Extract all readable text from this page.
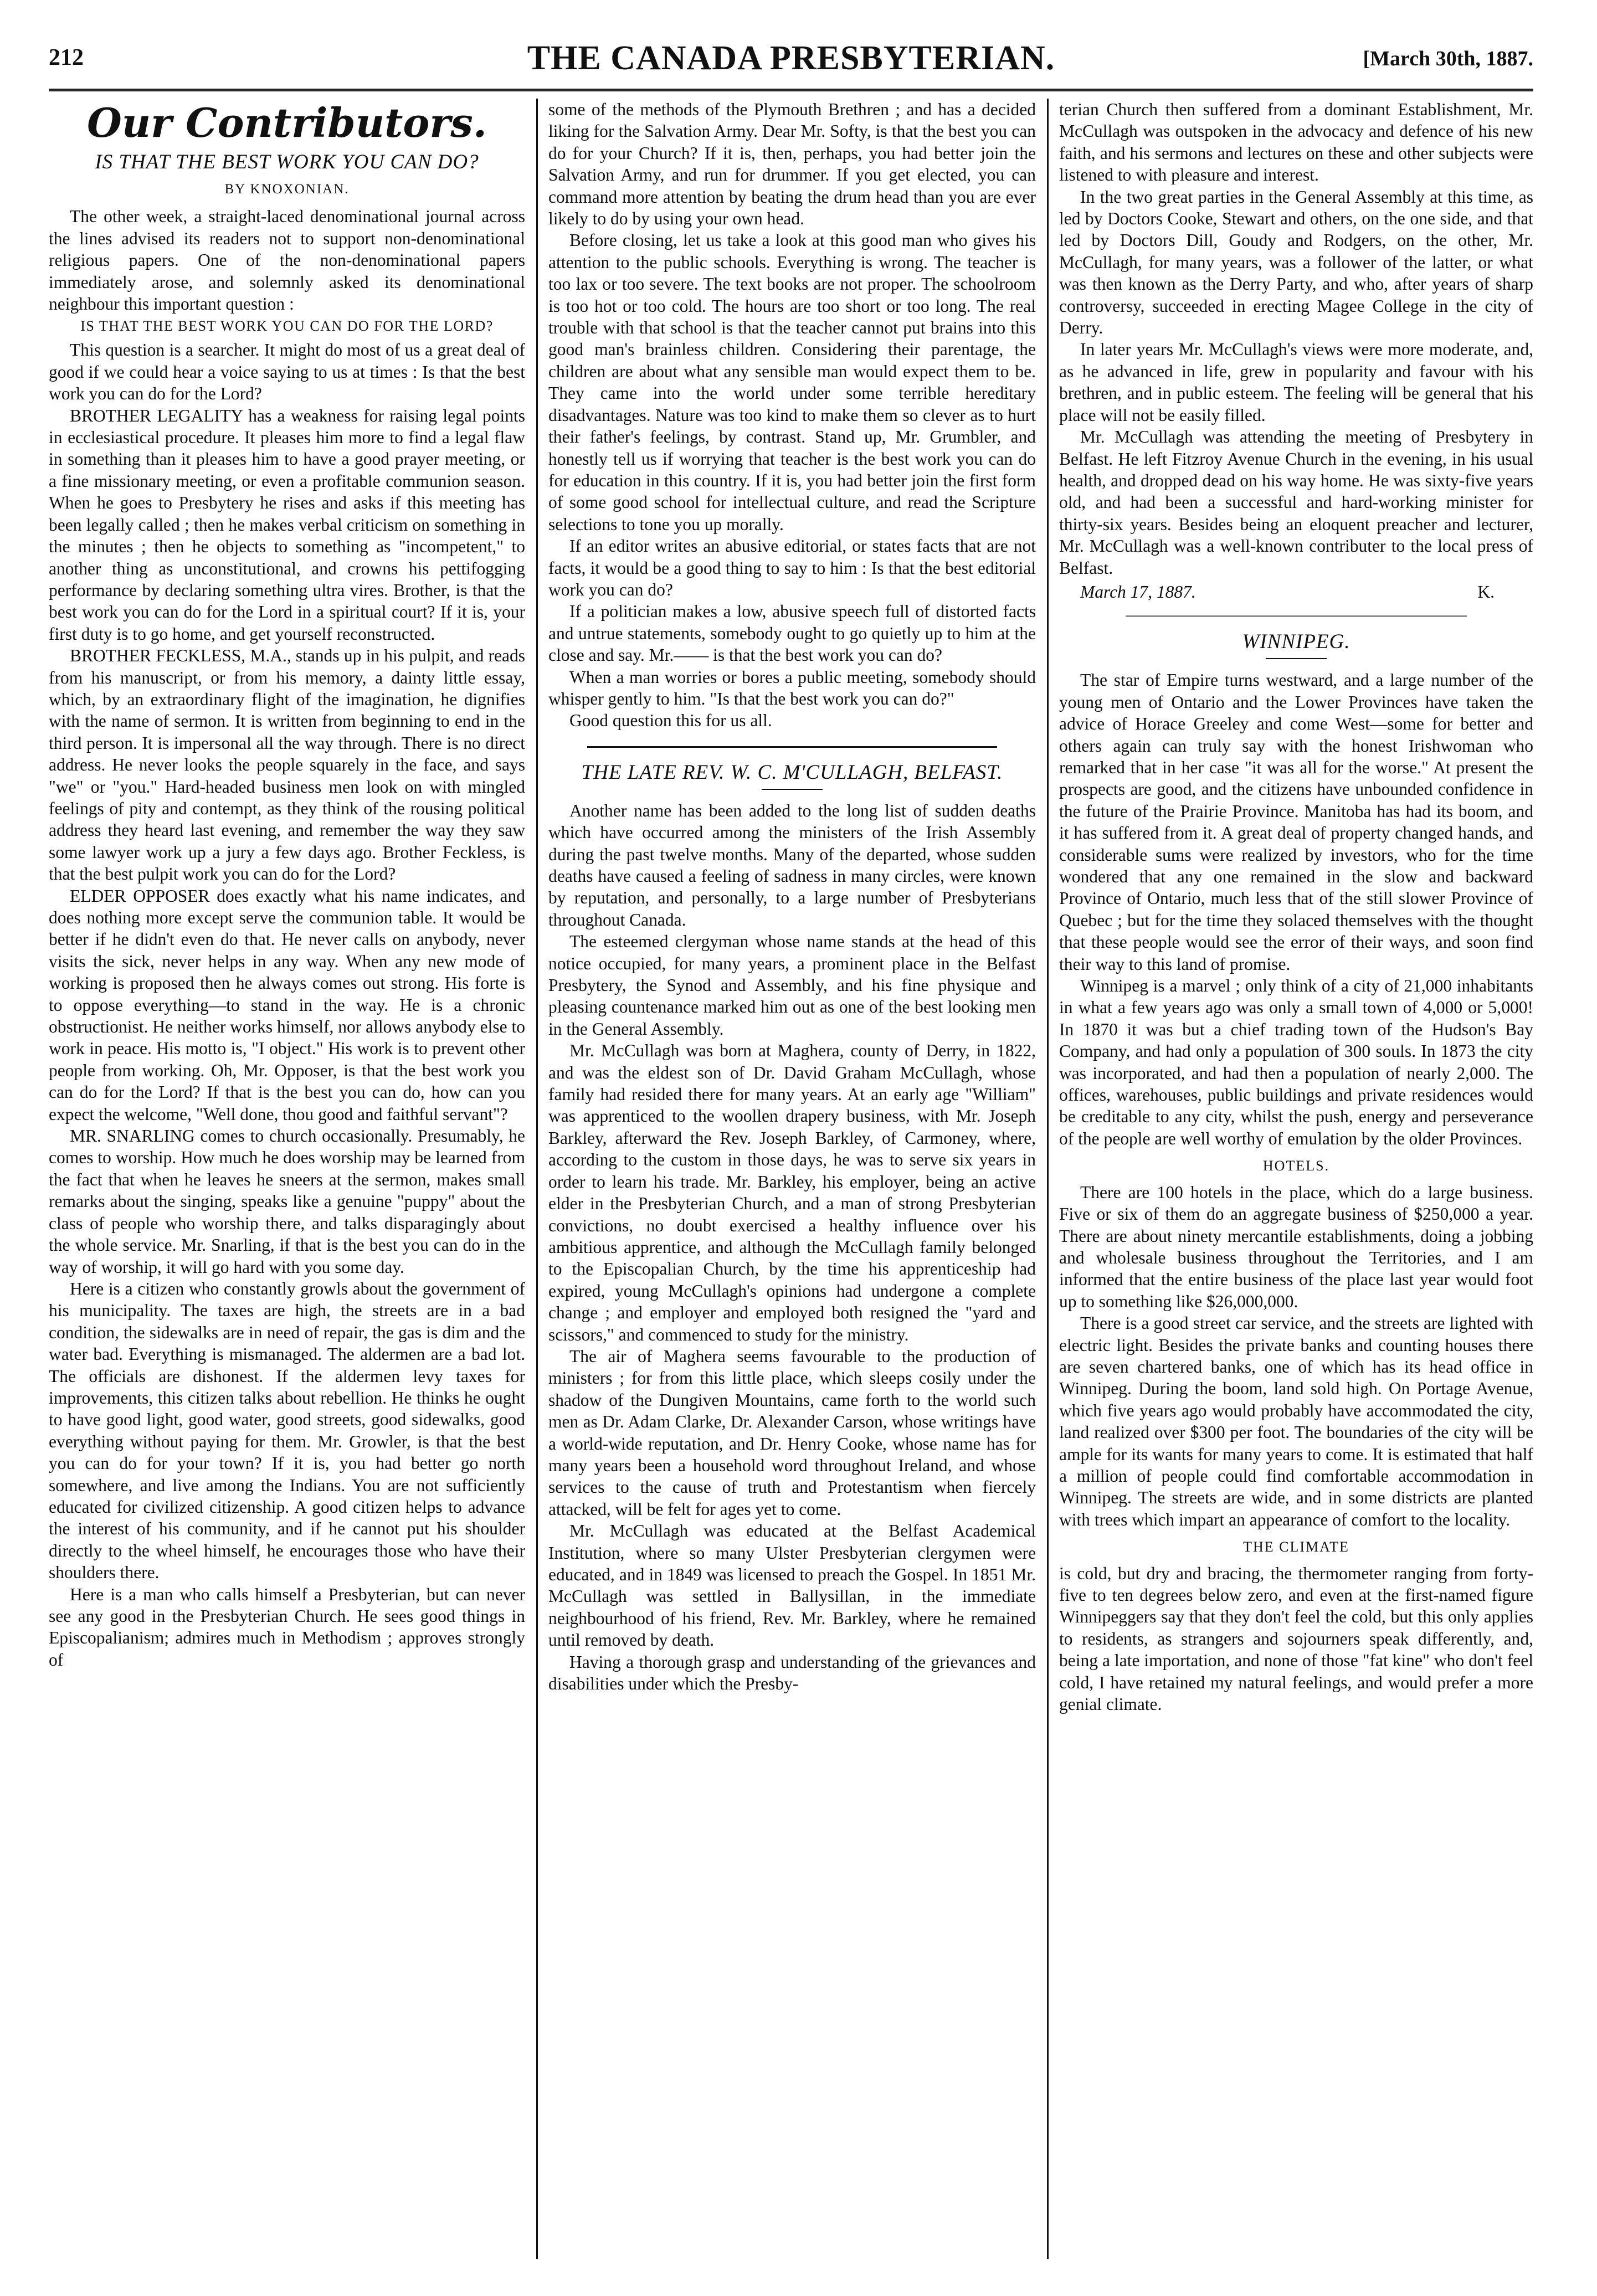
212	THE CANADA PRESBYTERIAN.	[March 30th, 1887.
Our Contributors.
IS THAT THE BEST WORK YOU CAN DO?
BY KNOXONIAN.

The other week, a straight-laced denominational journal across the lines advised its readers not to support non-denominational religious papers. One of the non-denominational papers immediately arose, and solemnly asked its denominational neighbour this important question :

IS THAT THE BEST WORK YOU CAN DO FOR THE LORD?

This question is a searcher. It might do most of us a great deal of good if we could hear a voice saying to us at times : Is that the best work you can do for the Lord?

BROTHER LEGALITY has a weakness for raising legal points in ecclesiastical procedure. It pleases him more to find a legal flaw in something than it pleases him to have a good prayer meeting, or a fine missionary meeting, or even a profitable communion season. When he goes to Presbytery he rises and asks if this meeting has been legally called ; then he makes verbal criticism on something in the minutes ; then he objects to something as "incompetent," to another thing as unconstitutional, and crowns his pettifogging performance by declaring something ultra vires. Brother, is that the best work you can do for the Lord in a spiritual court? If it is, your first duty is to go home, and get yourself reconstructed.

BROTHER FECKLESS, M.A., stands up in his pulpit, and reads from his manuscript, or from his memory, a dainty little essay, which, by an extraordinary flight of the imagination, he dignifies with the name of sermon. It is written from beginning to end in the third person. It is impersonal all the way through. There is no direct address. He never looks the people squarely in the face, and says "we" or "you." Hard-headed business men look on with mingled feelings of pity and contempt, as they think of the rousing political address they heard last evening, and remember the way they saw some lawyer work up a jury a few days ago. Brother Feckless, is that the best pulpit work you can do for the Lord?

ELDER OPPOSER does exactly what his name indicates, and does nothing more except serve the communion table. It would be better if he didn't even do that. He never calls on anybody, never visits the sick, never helps in any way. When any new mode of working is proposed then he always comes out strong. His forte is to oppose everything—to stand in the way. He is a chronic obstructionist. He neither works himself, nor allows anybody else to work in peace. His motto is, "I object." His work is to prevent other people from working. Oh, Mr. Opposer, is that the best work you can do for the Lord? If that is the best you can do, how can you expect the welcome, "Well done, thou good and faithful servant"?

MR. SNARLING comes to church occasionally. Presumably, he comes to worship. How much he does worship may be learned from the fact that when he leaves he sneers at the sermon, makes small remarks about the singing, speaks like a genuine "puppy" about the class of people who worship there, and talks disparagingly about the whole service. Mr. Snarling, if that is the best you can do in the way of worship, it will go hard with you some day.

Here is a citizen who constantly growls about the government of his municipality. The taxes are high, the streets are in a bad condition, the sidewalks are in need of repair, the gas is dim and the water bad. Everything is mismanaged. The aldermen are a bad lot. The officials are dishonest. If the aldermen levy taxes for improvements, this citizen talks about rebellion. He thinks he ought to have good light, good water, good streets, good sidewalks, good everything without paying for them. Mr. Growler, is that the best you can do for your town? If it is, you had better go north somewhere, and live among the Indians. You are not sufficiently educated for civilized citizenship. A good citizen helps to advance the interest of his community, and if he cannot put his shoulder directly to the wheel himself, he encourages those who have their shoulders there.

Here is a man who calls himself a Presbyterian, but can never see any good in the Presbyterian Church. He sees good things in Episcopalianism; admires much in Methodism ; approves strongly of

some of the methods of the Plymouth Brethren ; and has a decided liking for the Salvation Army. Dear Mr. Softy, is that the best you can do for your Church? If it is, then, perhaps, you had better join the Salvation Army, and run for drummer. If you get elected, you can command more attention by beating the drum head than you are ever likely to do by using your own head.

Before closing, let us take a look at this good man who gives his attention to the public schools. Everything is wrong. The teacher is too lax or too severe. The text books are not proper. The schoolroom is too hot or too cold. The hours are too short or too long. The real trouble with that school is that the teacher cannot put brains into this good man's brainless children. Considering their parentage, the children are about what any sensible man would expect them to be. They came into the world under some terrible hereditary disadvantages. Nature was too kind to make them so clever as to hurt their father's feelings, by contrast. Stand up, Mr. Grumbler, and honestly tell us if worrying that teacher is the best work you can do for education in this country. If it is, you had better join the first form of some good school for intellectual culture, and read the Scripture selections to tone you up morally.

If an editor writes an abusive editorial, or states facts that are not facts, it would be a good thing to say to him : Is that the best editorial work you can do?

If a politician makes a low, abusive speech full of distorted facts and untrue statements, somebody ought to go quietly up to him at the close and say. Mr.—— is that the best work you can do?

When a man worries or bores a public meeting, somebody should whisper gently to him. "Is that the best work you can do?"

Good question this for us all.

THE LATE REV. W. C. M'CULLAGH, BELFAST.

Another name has been added to the long list of sudden deaths which have occurred among the ministers of the Irish Assembly during the past twelve months. Many of the departed, whose sudden deaths have caused a feeling of sadness in many circles, were known by reputation, and personally, to a large number of Presbyterians throughout Canada.

The esteemed clergyman whose name stands at the head of this notice occupied, for many years, a prominent place in the Belfast Presbytery, the Synod and Assembly, and his fine physique and pleasing countenance marked him out as one of the best looking men in the General Assembly.

Mr. McCullagh was born at Maghera, county of Derry, in 1822, and was the eldest son of Dr. David Graham McCullagh, whose family had resided there for many years. At an early age "William" was apprenticed to the woollen drapery business, with Mr. Joseph Barkley, afterward the Rev. Joseph Barkley, of Carmoney, where, according to the custom in those days, he was to serve six years in order to learn his trade. Mr. Barkley, his employer, being an active elder in the Presbyterian Church, and a man of strong Presbyterian convictions, no doubt exercised a healthy influence over his ambitious apprentice, and although the McCullagh family belonged to the Episcopalian Church, by the time his apprenticeship had expired, young McCullagh's opinions had undergone a complete change ; and employer and employed both resigned the "yard and scissors," and commenced to study for the ministry.

The air of Maghera seems favourable to the production of ministers ; for from this little place, which sleeps cosily under the shadow of the Dungiven Mountains, came forth to the world such men as Dr. Adam Clarke, Dr. Alexander Carson, whose writings have a world-wide reputation, and Dr. Henry Cooke, whose name has for many years been a household word throughout Ireland, and whose services to the cause of truth and Protestantism when fiercely attacked, will be felt for ages yet to come.

Mr. McCullagh was educated at the Belfast Academical Institution, where so many Ulster Presbyterian clergymen were educated, and in 1849 was licensed to preach the Gospel. In 1851 Mr. McCullagh was settled in Ballysillan, in the immediate neighbourhood of his friend, Rev. Mr. Barkley, where he remained until removed by death.

Having a thorough grasp and understanding of the grievances and disabilities under which the Presby-

terian Church then suffered from a dominant Establishment, Mr. McCullagh was outspoken in the advocacy and defence of his new faith, and his sermons and lectures on these and other subjects were listened to with pleasure and interest.

In the two great parties in the General Assembly at this time, as led by Doctors Cooke, Stewart and others, on the one side, and that led by Doctors Dill, Goudy and Rodgers, on the other, Mr. McCullagh, for many years, was a follower of the latter, or what was then known as the Derry Party, and who, after years of sharp controversy, succeeded in erecting Magee College in the city of Derry.

In later years Mr. McCullagh's views were more moderate, and, as he advanced in life, grew in popularity and favour with his brethren, and in public esteem. The feeling will be general that his place will not be easily filled.

Mr. McCullagh was attending the meeting of Presbytery in Belfast. He left Fitzroy Avenue Church in the evening, in his usual health, and dropped dead on his way home. He was sixty-five years old, and had been a successful and hard-working minister for thirty-six years. Besides being an eloquent preacher and lecturer, Mr. McCullagh was a well-known contributer to the local press of Belfast.

March 17, 1887.	K.
WINNIPEG.

The star of Empire turns westward, and a large number of the young men of Ontario and the Lower Provinces have taken the advice of Horace Greeley and come West—some for better and others again can truly say with the honest Irishwoman who remarked that in her case "it was all for the worse." At present the prospects are good, and the citizens have unbounded confidence in the future of the Prairie Province. Manitoba has had its boom, and it has suffered from it. A great deal of property changed hands, and considerable sums were realized by investors, who for the time wondered that any one remained in the slow and backward Province of Ontario, much less that of the still slower Province of Quebec ; but for the time they solaced themselves with the thought that these people would see the error of their ways, and soon find their way to this land of promise.

Winnipeg is a marvel ; only think of a city of 21,000 inhabitants in what a few years ago was only a small town of 4,000 or 5,000! In 1870 it was but a chief trading town of the Hudson's Bay Company, and had only a population of 300 souls. In 1873 the city was incorporated, and had then a population of nearly 2,000. The offices, warehouses, public buildings and private residences would be creditable to any city, whilst the push, energy and perseverance of the people are well worthy of emulation by the older Provinces.

HOTELS.

There are 100 hotels in the place, which do a large business. Five or six of them do an aggregate business of $250,000 a year. There are about ninety mercantile establishments, doing a jobbing and wholesale business throughout the Territories, and I am informed that the entire business of the place last year would foot up to something like $26,000,000.

There is a good street car service, and the streets are lighted with electric light. Besides the private banks and counting houses there are seven chartered banks, one of which has its head office in Winnipeg. During the boom, land sold high. On Portage Avenue, which five years ago would probably have accommodated the city, land realized over $300 per foot. The boundaries of the city will be ample for its wants for many years to come. It is estimated that half a million of people could find comfortable accommodation in Winnipeg. The streets are wide, and in some districts are planted with trees which impart an appearance of comfort to the locality.

THE CLIMATE

is cold, but dry and bracing, the thermometer ranging from forty-five to ten degrees below zero, and even at the first-named figure Winnipeggers say that they don't feel the cold, but this only applies to residents, as strangers and sojourners speak differently, and, being a late importation, and none of those "fat kine" who don't feel cold, I have retained my natural feelings, and would prefer a more genial climate.
